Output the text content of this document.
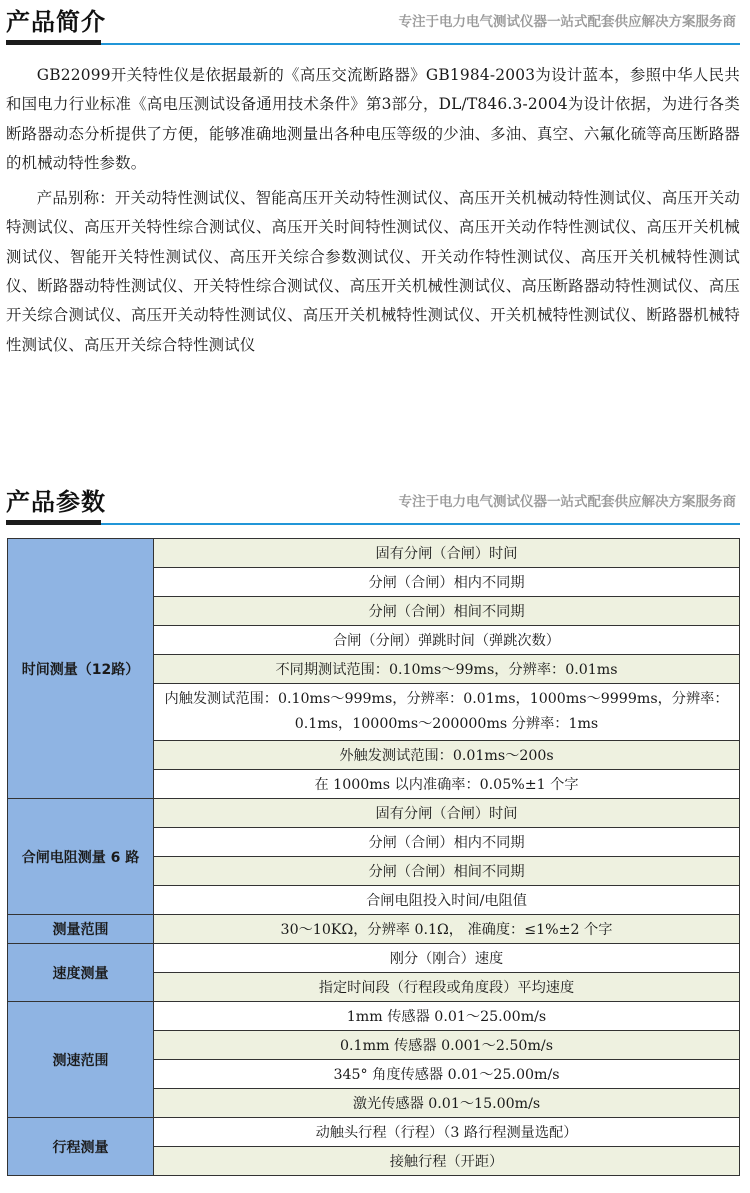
产品简介	专注于电力电气测试仪器一站式配套供应解决方案服务商

GB22099开关特性仪是依据最新的《高压交流断路器》GB1984-2003为设计蓝本，参照中华人民共和国电力行业标准《高电压测试设备通用技术条件》第3部分，DL/T846.3-2004为设计依据，为进行各类断路器动态分析提供了方便，能够准确地测量出各种电压等级的少油、多油、真空、六氟化硫等高压断路器的机械动特性参数。

产品别称：开关动特性测试仪、智能高压开关动特性测试仪、高压开关机械动特性测试仪、高压开关动特测试仪、高压开关特性综合测试仪、高压开关时间特性测试仪、高压开关动作特性测试仪、高压开关机械测试仪、智能开关特性测试仪、高压开关综合参数测试仪、开关动作特性测试仪、高压开关机械特性测试仪、断路器动特性测试仪、开关特性综合测试仪、高压开关机械性测试仪、高压断路器动特性测试仪、高压开关综合测试仪、高压开关动特性测试仪、高压开关机械特性测试仪、开关机械特性测试仪、断路器机械特性测试仪、高压开关综合特性测试仪

产品参数	专注于电力电气测试仪器一站式配套供应解决方案服务商
时间测量（12路）	固有分闸（合闸）时间
	分闸（合闸）相内不同期
	分闸（合闸）相间不同期
	合闸（分闸）弹跳时间（弹跳次数）
	不同期测试范围：0.10ms～99ms，分辨率：0.01ms
	内触发测试范围：0.10ms～999ms，分辨率：0.01ms，1000ms～9999ms，分辨率：0.1ms，10000ms～200000ms 分辨率：1ms
	外触发测试范围：0.01ms～200s
	在 1000ms 以内准确率：0.05%±1 个字
合闸电阻测量 6 路	固有分闸（合闸）时间
	分闸（合闸）相内不同期
	分闸（合闸）相间不同期
	合闸电阻投入时间/电阻值
测量范围	30～10KΩ，分辨率 0.1Ω， 准确度：≤1%±2 个字
速度测量	刚分（刚合）速度
	指定时间段（行程段或角度段）平均速度
测速范围	1mm 传感器 0.01～25.00m/s
	0.1mm 传感器 0.001～2.50m/s
	345° 角度传感器 0.01～25.00m/s
	激光传感器 0.01～15.00m/s
行程测量	动触头行程（行程）（3 路行程测量选配）
	接触行程（开距）
